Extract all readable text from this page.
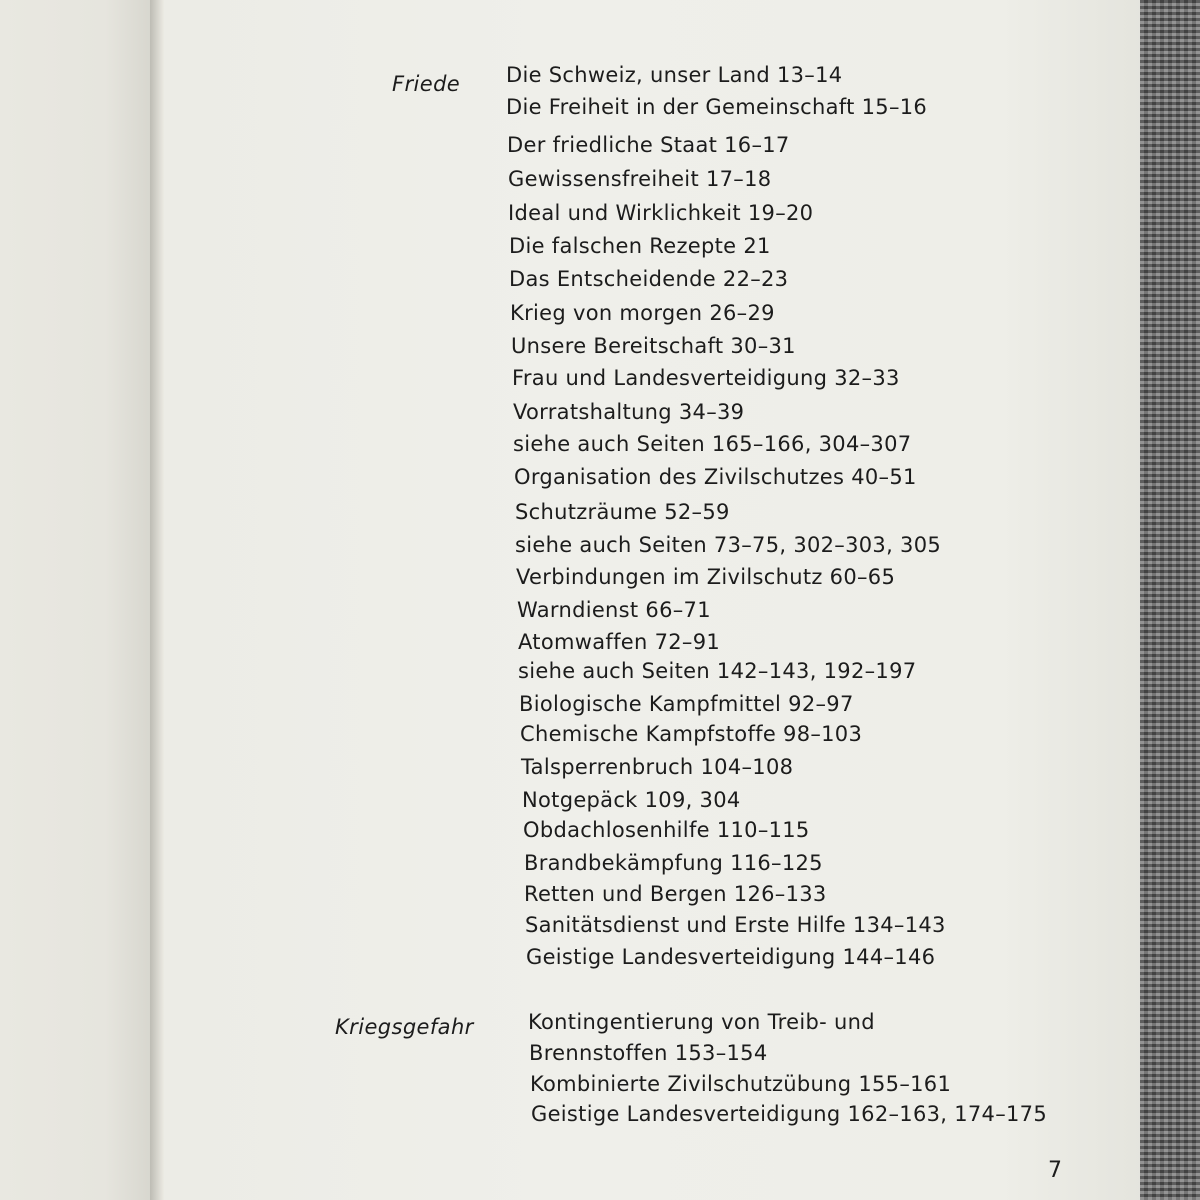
Friede Die Schweiz, unser Land 13–14
Die Freiheit in der Gemeinschaft 15–16
Der friedliche Staat 16–17
Gewissensfreiheit 17–18
Ideal und Wirklichkeit 19–20
Die falschen Rezepte 21
Das Entscheidende 22–23
Krieg von morgen 26–29
Unsere Bereitschaft 30–31
Frau und Landesverteidigung 32–33
Vorratshaltung 34–39
siehe auch Seiten 165–166, 304–307
Organisation des Zivilschutzes 40–51
Schutzräume 52–59
siehe auch Seiten 73–75, 302–303, 305
Verbindungen im Zivilschutz 60–65
Warndienst 66–71
Atomwaffen 72–91
siehe auch Seiten 142–143, 192–197
Biologische Kampfmittel 92–97
Chemische Kampfstoffe 98–103
Talsperrenbruch 104–108
Notgepäck 109, 304
Obdachlosenhilfe 110–115
Brandbekämpfung 116–125
Retten und Bergen 126–133
Sanitätsdienst und Erste Hilfe 134–143
Geistige Landesverteidigung 144–146
Kriegsgefahr	Kontingentierung von Treib- und
Brennstoffen 153–154
Kombinierte Zivilschutzübung 155–161
Geistige Landesverteidigung 162–163, 174–175
7
